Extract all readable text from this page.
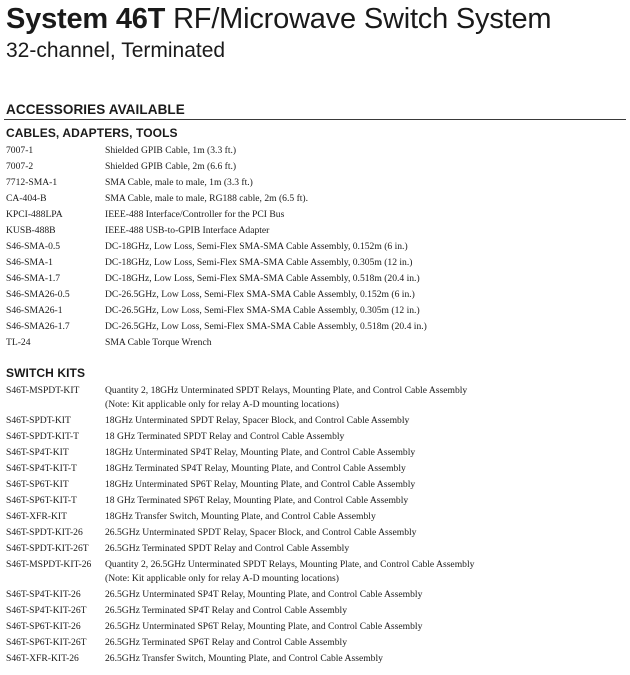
System 46T RF/Microwave Switch System
32-channel, Terminated
ACCESSORIES AVAILABLE
CABLES, ADAPTERS, TOOLS
7007-1	Shielded GPIB Cable, 1m (3.3 ft.)
7007-2	Shielded GPIB Cable, 2m (6.6 ft.)
7712-SMA-1	SMA Cable, male to male, 1m (3.3 ft.)
CA-404-B	SMA Cable, male to male, RG188 cable, 2m (6.5 ft).
KPCI-488LPA	IEEE-488 Interface/Controller for the PCI Bus
KUSB-488B	IEEE-488 USB-to-GPIB Interface Adapter
S46-SMA-0.5	DC-18GHz, Low Loss, Semi-Flex SMA-SMA Cable Assembly, 0.152m (6 in.)
S46-SMA-1	DC-18GHz, Low Loss, Semi-Flex SMA-SMA Cable Assembly, 0.305m (12 in.)
S46-SMA-1.7	DC-18GHz, Low Loss, Semi-Flex SMA-SMA Cable Assembly, 0.518m (20.4 in.)
S46-SMA26-0.5	DC-26.5GHz, Low Loss, Semi-Flex SMA-SMA Cable Assembly, 0.152m (6 in.)
S46-SMA26-1	DC-26.5GHz, Low Loss, Semi-Flex SMA-SMA Cable Assembly, 0.305m (12 in.)
S46-SMA26-1.7	DC-26.5GHz, Low Loss, Semi-Flex SMA-SMA Cable Assembly, 0.518m (20.4 in.)
TL-24	SMA Cable Torque Wrench
SWITCH KITS
S46T-MSPDT-KIT	Quantity 2, 18GHz Unterminated SPDT Relays, Mounting Plate, and Control Cable Assembly
(Note: Kit applicable only for relay A-D mounting locations)
S46T-SPDT-KIT	18GHz Unterminated SPDT Relay, Spacer Block, and Control Cable Assembly
S46T-SPDT-KIT-T	18 GHz Terminated SPDT Relay and Control Cable Assembly
S46T-SP4T-KIT	18GHz Unterminated SP4T Relay, Mounting Plate, and Control Cable Assembly
S46T-SP4T-KIT-T	18GHz Terminated SP4T Relay, Mounting Plate, and Control Cable Assembly
S46T-SP6T-KIT	18GHz Unterminated SP6T Relay, Mounting Plate, and Control Cable Assembly
S46T-SP6T-KIT-T	18 GHz Terminated SP6T Relay, Mounting Plate, and Control Cable Assembly
S46T-XFR-KIT	18GHz Transfer Switch, Mounting Plate, and Control Cable Assembly
S46T-SPDT-KIT-26 26.5GHz Unterminated SPDT Relay, Spacer Block, and Control Cable Assembly
S46T-SPDT-KIT-26T 26.5GHz Terminated SPDT Relay and Control Cable Assembly
S46T-MSPDT-KIT-26 Quantity 2, 26.5GHz Unterminated SPDT Relays, Mounting Plate, and Control Cable Assembly
(Note: Kit applicable only for relay A-D mounting locations)
S46T-SP4T-KIT-26	26.5GHz Unterminated SP4T Relay, Mounting Plate, and Control Cable Assembly
S46T-SP4T-KIT-26T 26.5GHz Terminated SP4T Relay and Control Cable Assembly
S46T-SP6T-KIT-26	26.5GHz Unterminated SP6T Relay, Mounting Plate, and Control Cable Assembly
S46T-SP6T-KIT-26T 26.5GHz Terminated SP6T Relay and Control Cable Assembly
S46T-XFR-KIT-26	26.5GHz Transfer Switch, Mounting Plate, and Control Cable Assembly
